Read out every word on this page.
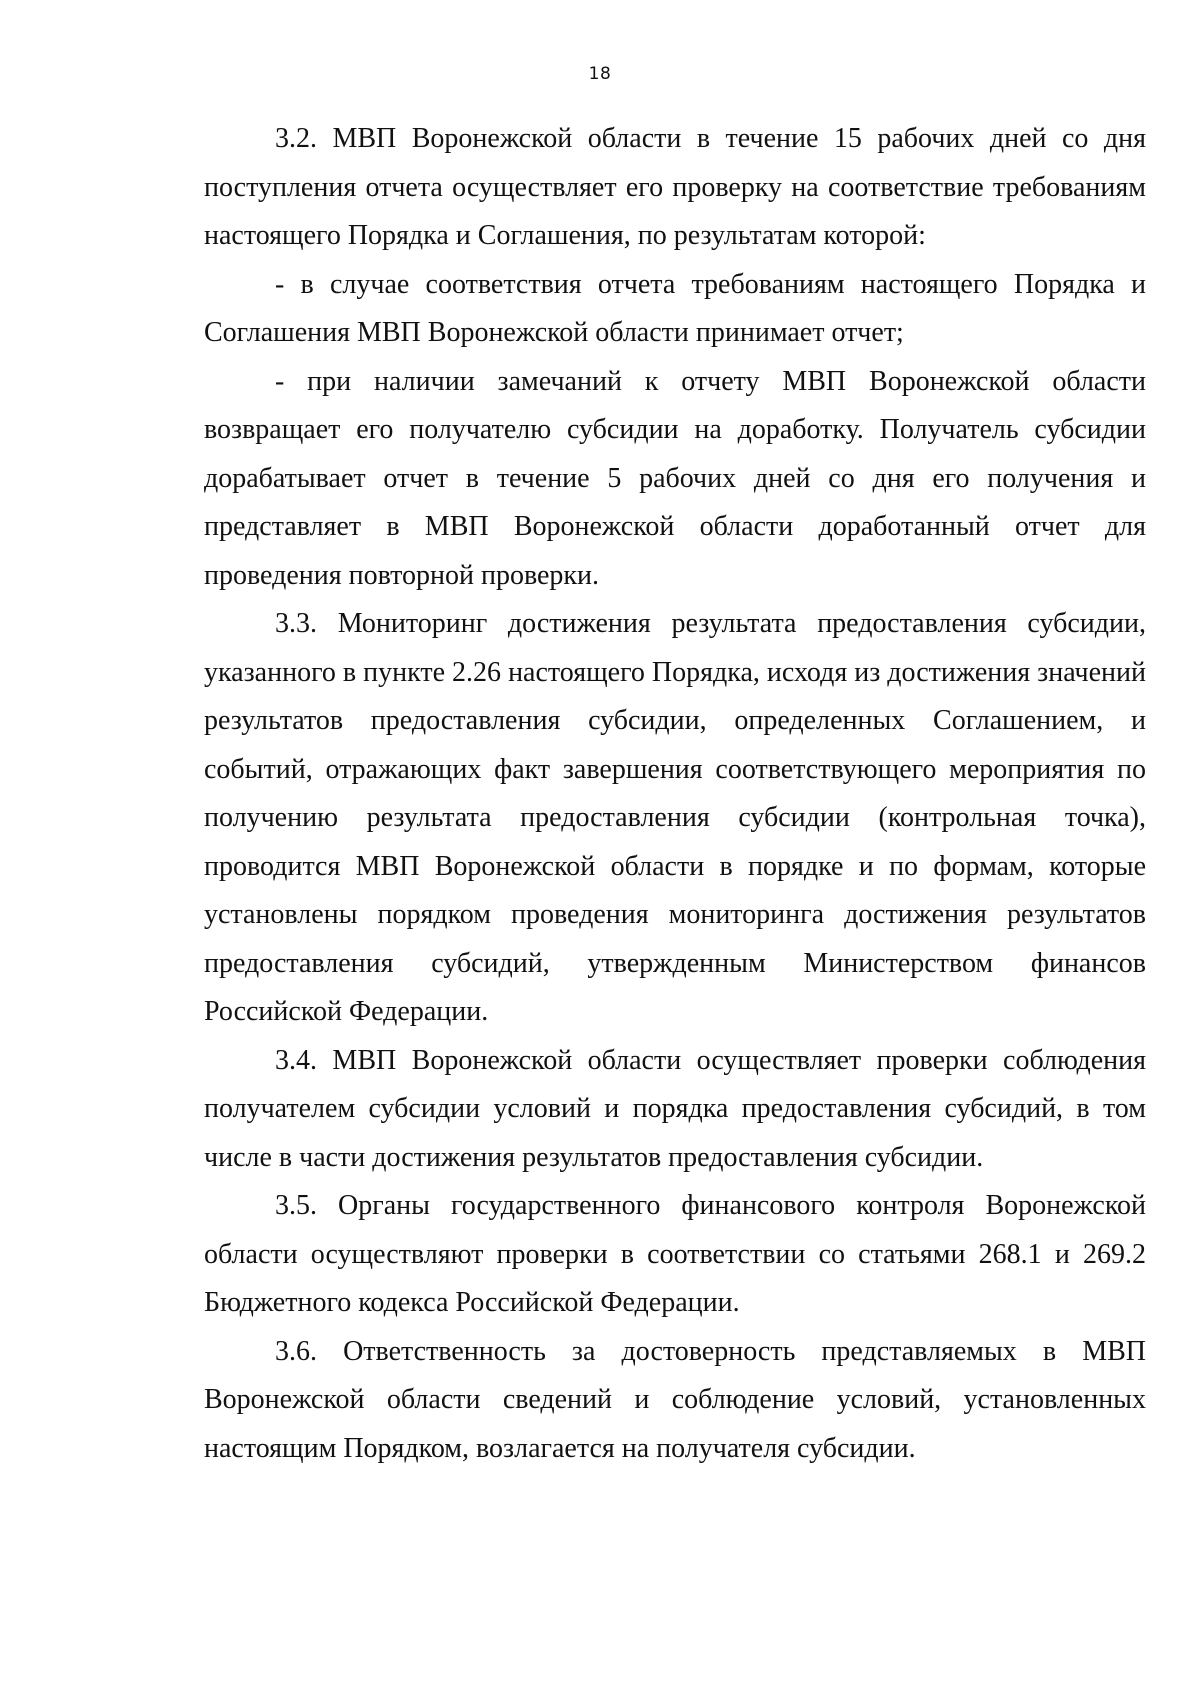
18

3.2. МВП Воронежской области в течение 15 рабочих дней со дня поступления отчета осуществляет его проверку на соответствие требованиям настоящего Порядка и Соглашения, по результатам которой:

- в случае соответствия отчета требованиям настоящего Порядка и Соглашения МВП Воронежской области принимает отчет;

- при наличии замечаний к отчету МВП Воронежской области возвращает его получателю субсидии на доработку. Получатель субсидии дорабатывает отчет в течение 5 рабочих дней со дня его получения и представляет в МВП Воронежской области доработанный отчет для проведения повторной проверки.

3.3. Мониторинг достижения результата предоставления субсидии, указанного в пункте 2.26 настоящего Порядка, исходя из достижения значений результатов предоставления субсидии, определенных Соглашением, и событий, отражающих факт завершения соответствующего мероприятия по получению результата предоставления субсидии (контрольная точка), проводится МВП Воронежской области в порядке и по формам, которые установлены порядком проведения мониторинга достижения результатов предоставления субсидий, утвержденным Министерством финансов Российской Федерации.

3.4. МВП Воронежской области осуществляет проверки соблюдения получателем субсидии условий и порядка предоставления субсидий, в том числе в части достижения результатов предоставления субсидии.

3.5. Органы государственного финансового контроля Воронежской области осуществляют проверки в соответствии со статьями 268.1 и 269.2 Бюджетного кодекса Российской Федерации.

3.6. Ответственность за достоверность представляемых в МВП Воронежской области сведений и соблюдение условий, установленных настоящим Порядком, возлагается на получателя субсидии.
